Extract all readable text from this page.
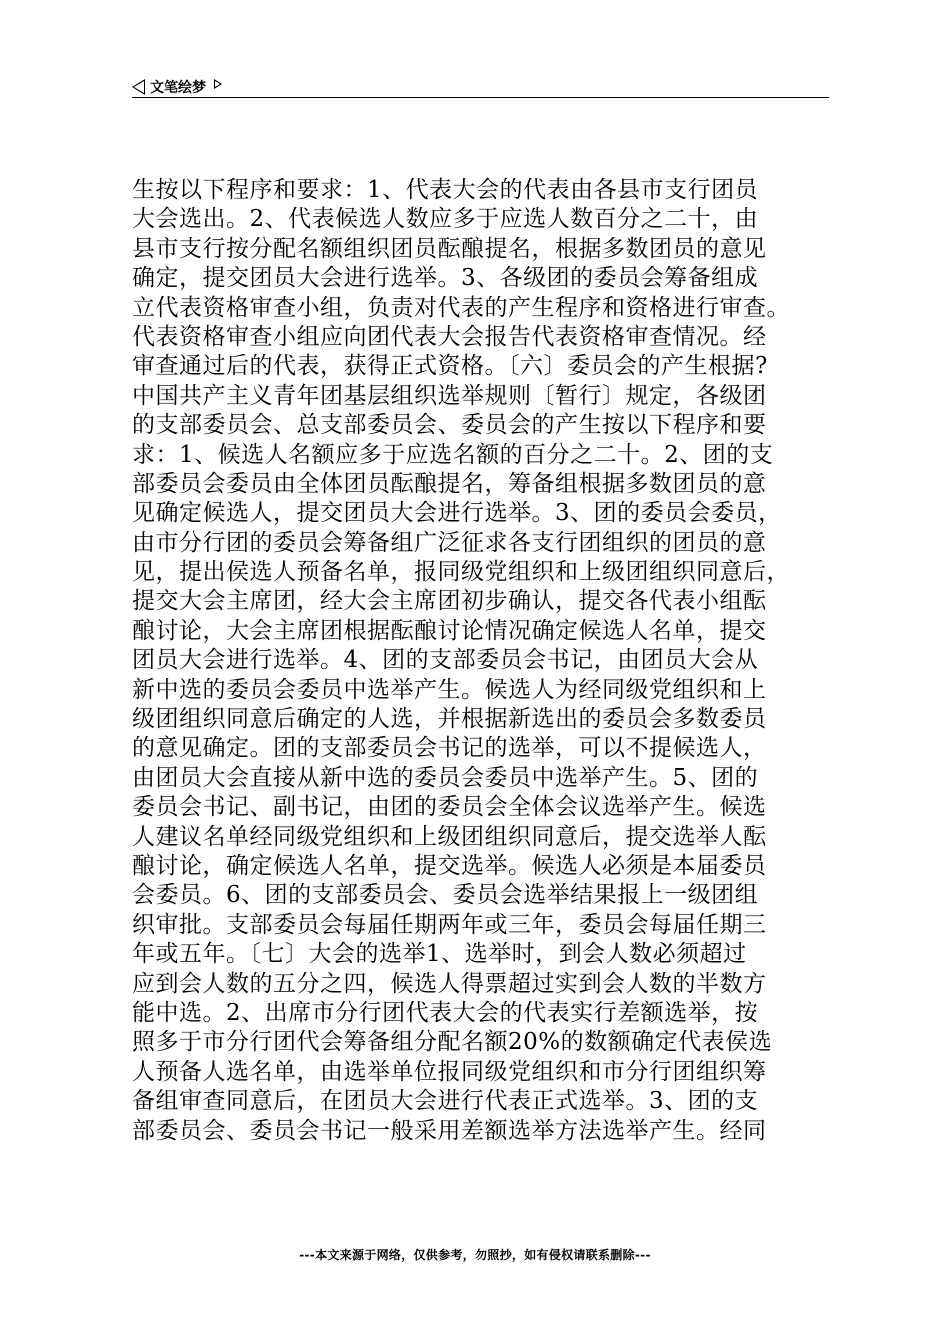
文笔绘梦
生按以下程序和要求：1、代表大会的代表由各县市支行团员
大会选出。2、代表候选人数应多于应选人数百分之二十，由
县市支行按分配名额组织团员酝酿提名，根据多数团员的意见
确定，提交团员大会进行选举。3、各级团的委员会筹备组成
立代表资格审查小组，负责对代表的产生程序和资格进行审查。
代表资格审查小组应向团代表大会报告代表资格审查情况。经
审查通过后的代表，获得正式资格。〔六〕委员会的产生根据?
中国共产主义青年团基层组织选举规则〔暂行〕规定，各级团
的支部委员会、总支部委员会、委员会的产生按以下程序和要
求：1、候选人名额应多于应选名额的百分之二十。2、团的支
部委员会委员由全体团员酝酿提名，筹备组根据多数团员的意
见确定候选人，提交团员大会进行选举。3、团的委员会委员，
由市分行团的委员会筹备组广泛征求各支行团组织的团员的意
见，提出侯选人预备名单，报同级党组织和上级团组织同意后，
提交大会主席团，经大会主席团初步确认，提交各代表小组酝
酿讨论，大会主席团根据酝酿讨论情况确定候选人名单，提交
团员大会进行选举。4、团的支部委员会书记，由团员大会从
新中选的委员会委员中选举产生。候选人为经同级党组织和上
级团组织同意后确定的人选，并根据新选出的委员会多数委员
的意见确定。团的支部委员会书记的选举，可以不提候选人，
由团员大会直接从新中选的委员会委员中选举产生。5、团的
委员会书记、副书记，由团的委员会全体会议选举产生。候选
人建议名单经同级党组织和上级团组织同意后，提交选举人酝
酿讨论，确定候选人名单，提交选举。候选人必须是本届委员
会委员。6、团的支部委员会、委员会选举结果报上一级团组
织审批。支部委员会每届任期两年或三年，委员会每届任期三
年或五年。〔七〕大会的选举1、选举时，到会人数必须超过
应到会人数的五分之四，候选人得票超过实到会人数的半数方
能中选。2、出席市分行团代表大会的代表实行差额选举，按
照多于市分行团代会筹备组分配名额20%的数额确定代表侯选
人预备人选名单，由选举单位报同级党组织和市分行团组织筹
备组审查同意后，在团员大会进行代表正式选举。3、团的支
部委员会、委员会书记一般采用差额选举方法选举产生。经同
---本文来源于网络，仅供参考，勿照抄，如有侵权请联系删除---
